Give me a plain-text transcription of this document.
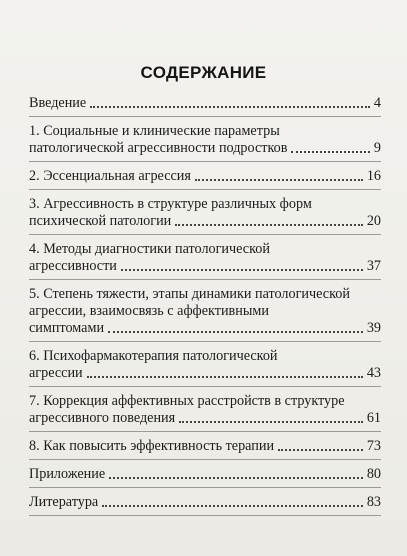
СОДЕРЖАНИЕ
Введение	4
1. Социальные и клинические параметры
патологической агрессивности подростков	9
2. Эссенциальная агрессия	16
3. Агрессивность в структуре различных форм
психической патологии	20
4. Методы диагностики патологической
агрессивности	37
5. Степень тяжести, этапы динамики патологической
агрессии, взаимосвязь с аффективными
симптомами	39
6. Психофармакотерапия патологической
агрессии	43
7. Коррекция аффективных расстройств в структуре
агрессивного поведения	61
8. Как повысить эффективность терапии	73
Приложение	80
Литература	83
